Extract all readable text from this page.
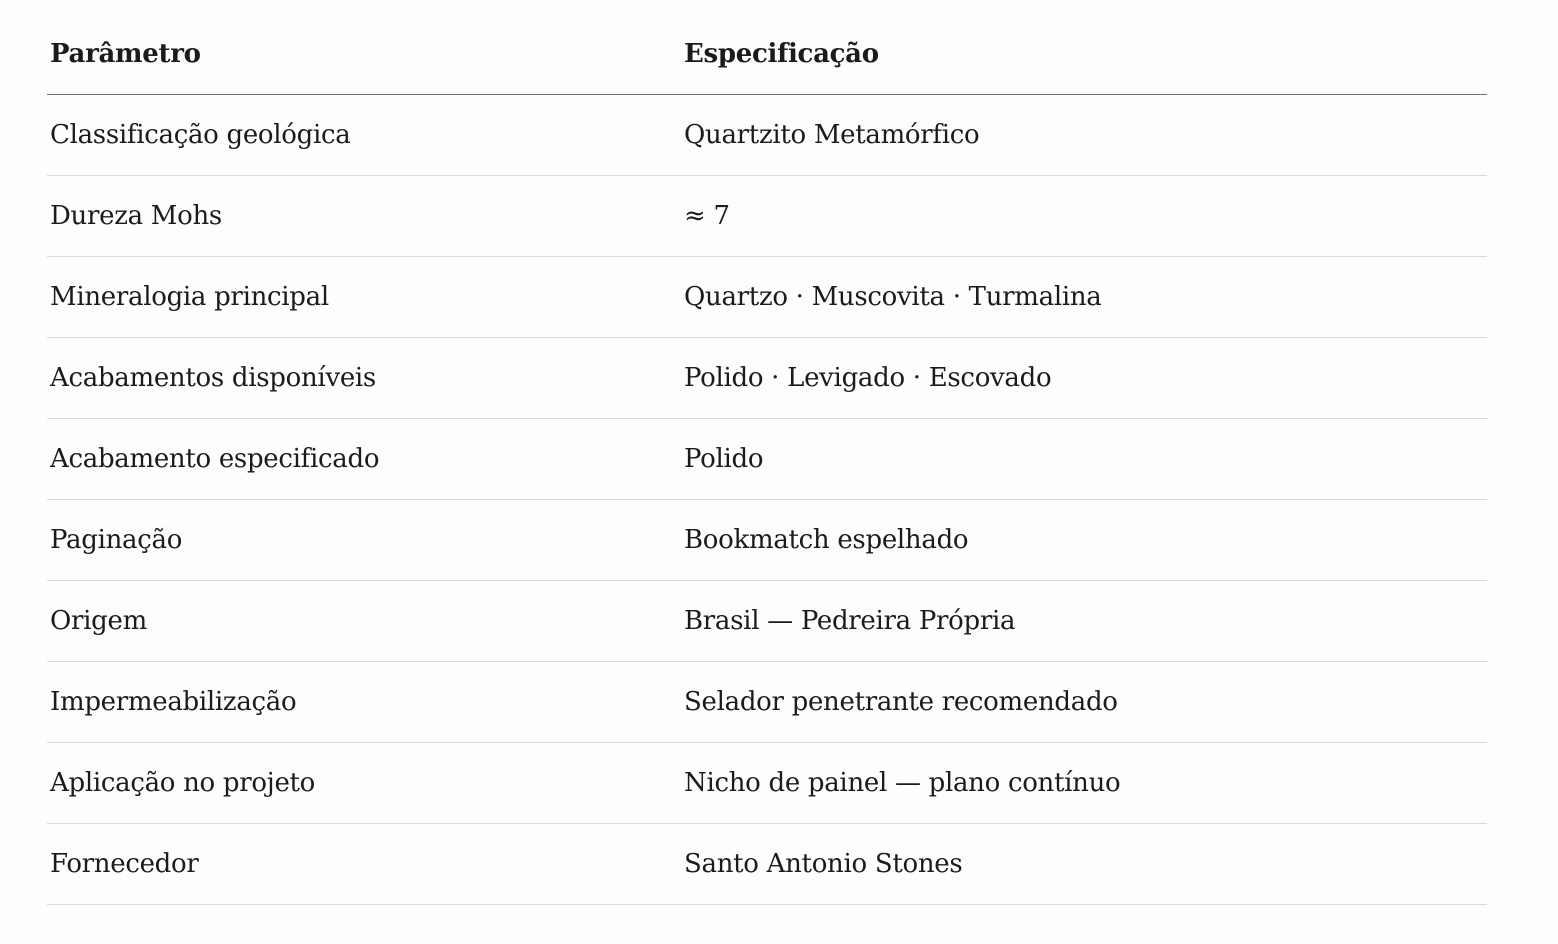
Parâmetro	Especificação
Classificação geológica	Quartzito Metamórfico
Dureza Mohs	≈ 7
Mineralogia principal	Quartzo · Muscovita · Turmalina
Acabamentos disponíveis	Polido · Levigado · Escovado
Acabamento especificado	Polido
Paginação	Bookmatch espelhado
Origem	Brasil — Pedreira Própria
Impermeabilização	Selador penetrante recomendado
Aplicação no projeto	Nicho de painel — plano contínuo
Fornecedor	Santo Antonio Stones
